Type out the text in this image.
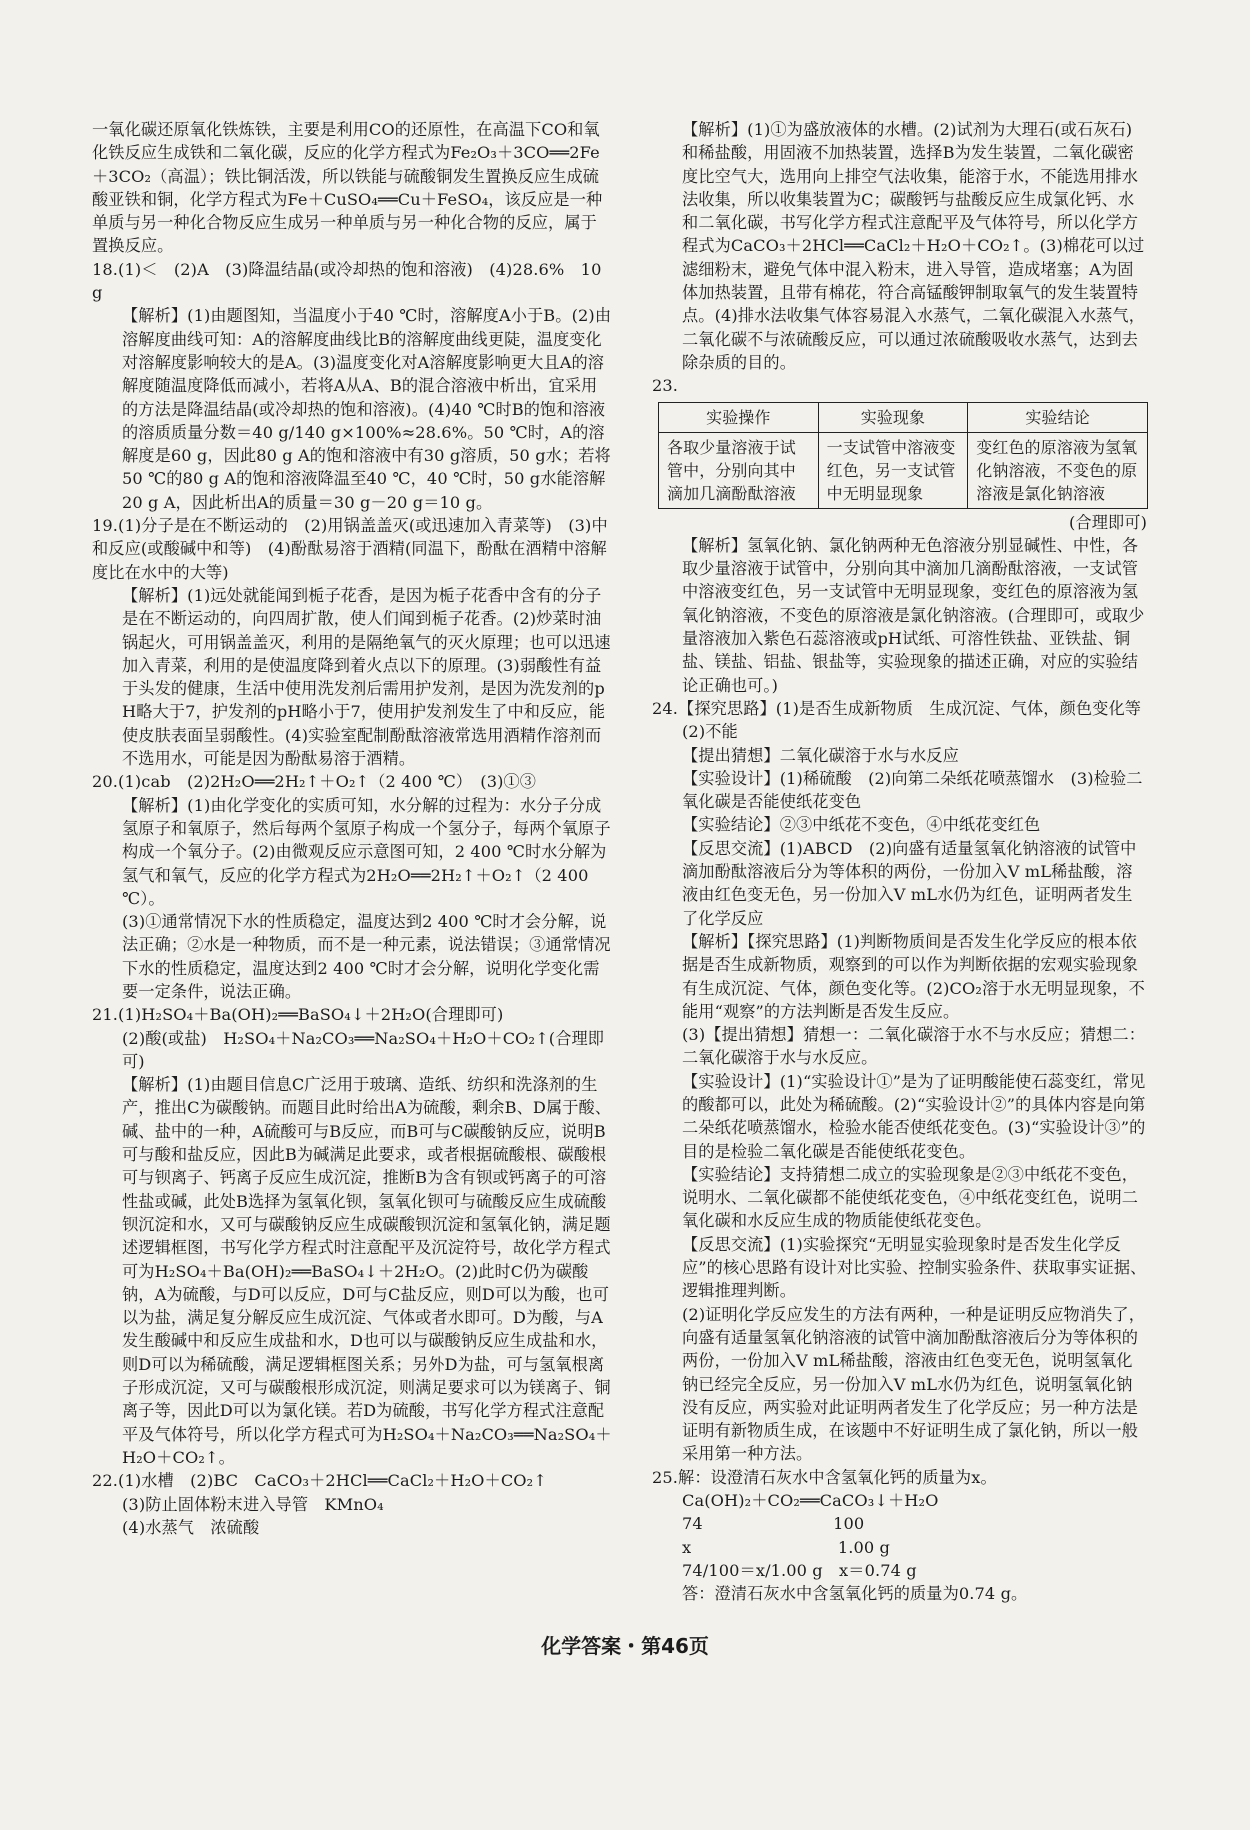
一氧化碳还原氧化铁炼铁，主要是利用CO的还原性，在高温下CO和氧化铁反应生成铁和二氧化碳，反应的化学方程式为Fe₂O₃＋3CO══2Fe＋3CO₂（高温）；铁比铜活泼，所以铁能与硫酸铜发生置换反应生成硫酸亚铁和铜，化学方程式为Fe＋CuSO₄══Cu＋FeSO₄，该反应是一种单质与另一种化合物反应生成另一种单质与另一种化合物的反应，属于置换反应。

18.(1)＜　(2)A　(3)降温结晶(或冷却热的饱和溶液)　(4)28.6%　10 g

【解析】(1)由题图知，当温度小于40 ℃时，溶解度A小于B。(2)由溶解度曲线可知：A的溶解度曲线比B的溶解度曲线更陡，温度变化对溶解度影响较大的是A。(3)温度变化对A溶解度影响更大且A的溶解度随温度降低而减小，若将A从A、B的混合溶液中析出，宜采用的方法是降温结晶(或冷却热的饱和溶液)。(4)40 ℃时B的饱和溶液的溶质质量分数＝40 g/140 g×100%≈28.6%。50 ℃时，A的溶解度是60 g，因此80 g A的饱和溶液中有30 g溶质，50 g水；若将50 ℃的80 g A的饱和溶液降温至40 ℃，40 ℃时，50 g水能溶解20 g A，因此析出A的质量＝30 g－20 g＝10 g。

19.(1)分子是在不断运动的　(2)用锅盖盖灭(或迅速加入青菜等)　(3)中和反应(或酸碱中和等)　(4)酚酞易溶于酒精(同温下，酚酞在酒精中溶解度比在水中的大等)

【解析】(1)远处就能闻到栀子花香，是因为栀子花香中含有的分子是在不断运动的，向四周扩散，使人们闻到栀子花香。(2)炒菜时油锅起火，可用锅盖盖灭，利用的是隔绝氧气的灭火原理；也可以迅速加入青菜，利用的是使温度降到着火点以下的原理。(3)弱酸性有益于头发的健康，生活中使用洗发剂后需用护发剂，是因为洗发剂的pH略大于7，护发剂的pH略小于7，使用护发剂发生了中和反应，能使皮肤表面呈弱酸性。(4)实验室配制酚酞溶液常选用酒精作溶剂而不选用水，可能是因为酚酞易溶于酒精。

20.(1)cab　(2)2H₂O══2H₂↑＋O₂↑（2 400 ℃）　(3)①③

【解析】(1)由化学变化的实质可知，水分解的过程为：水分子分成氢原子和氧原子，然后每两个氢原子构成一个氢分子，每两个氧原子构成一个氧分子。(2)由微观反应示意图可知，2 400 ℃时水分解为氢气和氧气，反应的化学方程式为2H₂O══2H₂↑＋O₂↑（2 400 ℃）。

(3)①通常情况下水的性质稳定，温度达到2 400 ℃时才会分解，说法正确；②水是一种物质，而不是一种元素，说法错误；③通常情况下水的性质稳定，温度达到2 400 ℃时才会分解，说明化学变化需要一定条件，说法正确。

21.(1)H₂SO₄＋Ba(OH)₂══BaSO₄↓＋2H₂O(合理即可)

(2)酸(或盐)　H₂SO₄＋Na₂CO₃══Na₂SO₄＋H₂O＋CO₂↑(合理即可)

【解析】(1)由题目信息C广泛用于玻璃、造纸、纺织和洗涤剂的生产，推出C为碳酸钠。而题目此时给出A为硫酸，剩余B、D属于酸、碱、盐中的一种，A硫酸可与B反应，而B可与C碳酸钠反应，说明B可与酸和盐反应，因此B为碱满足此要求，或者根据硫酸根、碳酸根可与钡离子、钙离子反应生成沉淀，推断B为含有钡或钙离子的可溶性盐或碱，此处B选择为氢氧化钡，氢氧化钡可与硫酸反应生成硫酸钡沉淀和水，又可与碳酸钠反应生成碳酸钡沉淀和氢氧化钠，满足题述逻辑框图，书写化学方程式时注意配平及沉淀符号，故化学方程式可为H₂SO₄＋Ba(OH)₂══BaSO₄↓＋2H₂O。(2)此时C仍为碳酸钠，A为硫酸，与D可以反应，D可与C盐反应，则D可以为酸，也可以为盐，满足复分解反应生成沉淀、气体或者水即可。D为酸，与A发生酸碱中和反应生成盐和水，D也可以与碳酸钠反应生成盐和水，则D可以为稀硫酸，满足逻辑框图关系；另外D为盐，可与氢氧根离子形成沉淀，又可与碳酸根形成沉淀，则满足要求可以为镁离子、铜离子等，因此D可以为氯化镁。若D为硫酸，书写化学方程式注意配平及气体符号，所以化学方程式可为H₂SO₄＋Na₂CO₃══Na₂SO₄＋H₂O＋CO₂↑。

22.(1)水槽　(2)BC　CaCO₃＋2HCl══CaCl₂＋H₂O＋CO₂↑

(3)防止固体粉末进入导管　KMnO₄

(4)水蒸气　浓硫酸

【解析】(1)①为盛放液体的水槽。(2)试剂为大理石(或石灰石)和稀盐酸，用固液不加热装置，选择B为发生装置，二氧化碳密度比空气大，选用向上排空气法收集，能溶于水，不能选用排水法收集，所以收集装置为C；碳酸钙与盐酸反应生成氯化钙、水和二氧化碳，书写化学方程式注意配平及气体符号，所以化学方程式为CaCO₃＋2HCl══CaCl₂＋H₂O＋CO₂↑。(3)棉花可以过滤细粉末，避免气体中混入粉末，进入导管，造成堵塞；A为固体加热装置，且带有棉花，符合高锰酸钾制取氧气的发生装置特点。(4)排水法收集气体容易混入水蒸气，二氧化碳混入水蒸气，二氧化碳不与浓硫酸反应，可以通过浓硫酸吸收水蒸气，达到去除杂质的目的。

23.

实验操作	实验现象	实验结论
各取少量溶液于试管中，分别向其中滴加几滴酚酞溶液	一支试管中溶液变红色，另一支试管中无明显现象	变红色的原溶液为氢氧化钠溶液，不变色的原溶液是氯化钠溶液

(合理即可)

【解析】氢氧化钠、氯化钠两种无色溶液分别显碱性、中性，各取少量溶液于试管中，分别向其中滴加几滴酚酞溶液，一支试管中溶液变红色，另一支试管中无明显现象，变红色的原溶液为氢氧化钠溶液，不变色的原溶液是氯化钠溶液。(合理即可，或取少量溶液加入紫色石蕊溶液或pH试纸、可溶性铁盐、亚铁盐、铜盐、镁盐、铝盐、银盐等，实验现象的描述正确，对应的实验结论正确也可。)

24.【探究思路】(1)是否生成新物质　生成沉淀、气体，颜色变化等

(2)不能

【提出猜想】二氧化碳溶于水与水反应

【实验设计】(1)稀硫酸　(2)向第二朵纸花喷蒸馏水　(3)检验二氧化碳是否能使纸花变色

【实验结论】②③中纸花不变色，④中纸花变红色

【反思交流】(1)ABCD　(2)向盛有适量氢氧化钠溶液的试管中滴加酚酞溶液后分为等体积的两份，一份加入V mL稀盐酸，溶液由红色变无色，另一份加入V mL水仍为红色，证明两者发生了化学反应

【解析】【探究思路】(1)判断物质间是否发生化学反应的根本依据是否生成新物质，观察到的可以作为判断依据的宏观实验现象有生成沉淀、气体，颜色变化等。(2)CO₂溶于水无明显现象，不能用“观察”的方法判断是否发生反应。

(3)【提出猜想】猜想一：二氧化碳溶于水不与水反应；猜想二：二氧化碳溶于水与水反应。

【实验设计】(1)“实验设计①”是为了证明酸能使石蕊变红，常见的酸都可以，此处为稀硫酸。(2)“实验设计②”的具体内容是向第二朵纸花喷蒸馏水，检验水能否使纸花变色。(3)“实验设计③”的目的是检验二氧化碳是否能使纸花变色。

【实验结论】支持猜想二成立的实验现象是②③中纸花不变色，说明水、二氧化碳都不能使纸花变色，④中纸花变红色，说明二氧化碳和水反应生成的物质能使纸花变色。

【反思交流】(1)实验探究“无明显实验现象时是否发生化学反应”的核心思路有设计对比实验、控制实验条件、获取事实证据、逻辑推理判断。

(2)证明化学反应发生的方法有两种，一种是证明反应物消失了，向盛有适量氢氧化钠溶液的试管中滴加酚酞溶液后分为等体积的两份，一份加入V mL稀盐酸，溶液由红色变无色，说明氢氧化钠已经完全反应，另一份加入V mL水仍为红色，说明氢氧化钠没有反应，两实验对此证明两者发生了化学反应；另一种方法是证明有新物质生成，在该题中不好证明生成了氯化钠，所以一般采用第一种方法。

25.解：设澄清石灰水中含氢氧化钙的质量为x。

Ca(OH)₂＋CO₂══CaCO₃↓＋H₂O

74　　　　　　　　100

x　　　　　　　　　1.00 g

74/100＝x/1.00 g　x＝0.74 g

答：澄清石灰水中含氢氧化钙的质量为0.74 g。

化学答案・第46页
